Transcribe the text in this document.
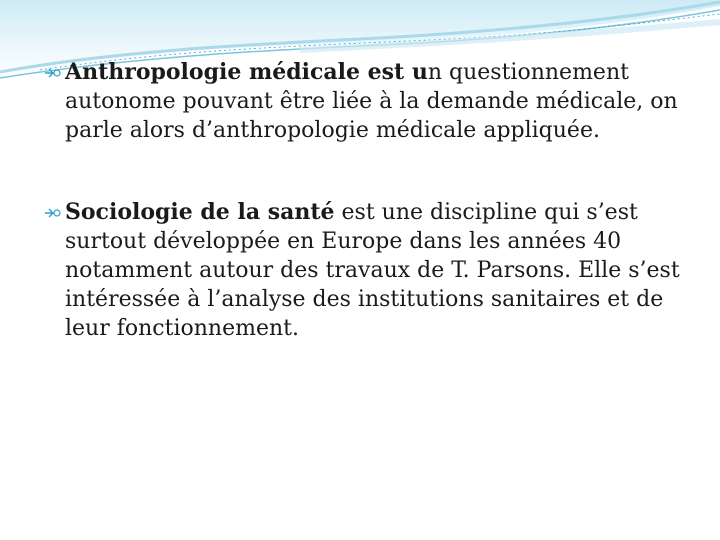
Anthropologie médicale est un questionnement autonome pouvant être liée à la demande médicale, on parle alors d’anthropologie médicale appliquée.

Sociologie de la santé est une discipline qui s’est surtout développée en Europe dans les années 40 notamment autour des travaux de T. Parsons. Elle s’est intéressée à l’analyse des institutions sanitaires et de leur fonctionnement.
